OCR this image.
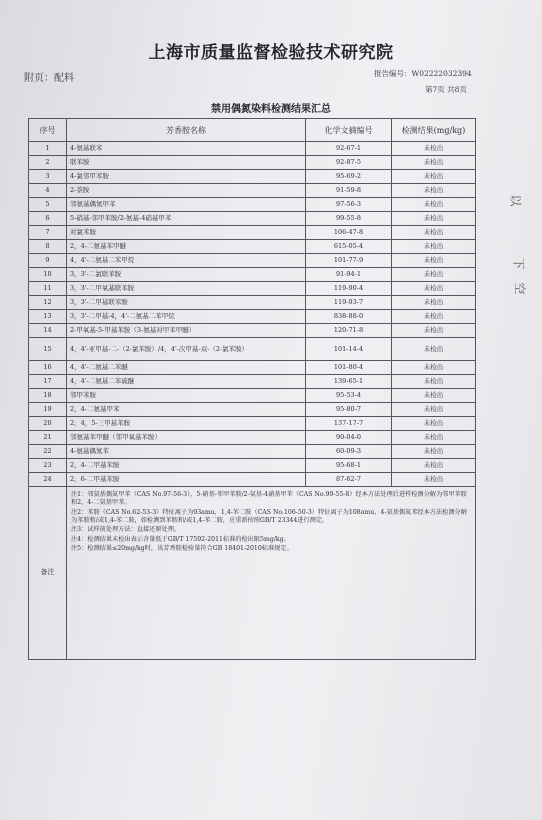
上海市质量监督检验技术研究院
附页：配料	报告编号：W02222032394
第7页 共8页
禁用偶氮染料检测结果汇总
序号	芳香胺名称	化学文摘编号	检测结果(mg/kg)
1	4-氨基联苯	92-67-1	未检出
2	联苯胺	92-87-5	未检出
3	4-氯邻甲苯胺	95-69-2	未检出
4	2-萘胺	91-59-8	未检出
5	邻氨基偶氮甲苯	97-56-3	未检出
6	5-硝基-邻甲苯胺/2-氨基-4硝基甲苯	99-55-8	未检出
7	对氯苯胺	106-47-8	未检出
8	2，4-二氨基苯甲醚	615-05-4	未检出
9	4，4'-二氨基二苯甲烷	101-77-9	未检出
10	3，3'-二氯联苯胺	91-94-1	未检出
11	3，3'-二甲氧基联苯胺	119-90-4	未检出
12	3，3'-二甲基联苯胺	119-93-7	未检出
13	3，3'-二甲基-4，4'-二氨基二苯甲烷	838-88-0	未检出
14	2-甲氧基-5-甲基苯胺（3-氨基对甲苯甲醚）	120-71-8	未检出
15	4，4'-亚甲基-二-（2-氯苯胺）/4，4'-次甲基-双-（2-氯苯胺）	101-14-4	未检出
16	4，4'-二氨基二苯醚	101-80-4	未检出
17	4，4'-二氨基二苯硫醚	139-65-1	未检出
18	邻甲苯胺	95-53-4	未检出
19	2，4-二氨基甲苯	95-80-7	未检出
20	2，4，5-三甲基苯胺	137-17-7	未检出
21	邻氨基苯甲醚（邻甲氧基苯胺）	90-04-0	未检出
22	4-氨基偶氮苯	60-09-3	未检出
23	2，4-二甲基苯胺	95-68-1	未检出
24	2，6-二甲基苯胺	87-62-7	未检出
备注	注1：邻氨基偶氮甲苯（CAS No.97-56-3）、5-硝基-邻甲苯胺/2-氨基-4硝基甲苯（CAS No.99-55-8）经本方法处理后进样检测分解为邻甲苯胺和2，4-二氨基甲苯。
注2：苯胺（CAS No.62-53-3）特征离子为93amu，1,4-苯二胺（CAS No.106-50-3）特征离子为108amu，4-氨基偶氮苯经本方法检测分解为苯胺和/或1,4-苯二胺，如检测到苯胺和/或1,4-苯二胺，应重新按照GB/T 23344进行测定。
注3：试样前处理方法：直接还原处理。
注4：检测结果未检出表示含量低于GB/T 17592-2011标准的检出限5mg/kg。
注5：检测结果≤20mg/kg时，该芳香胺检验量符合GB 18401-2010标准规定。		
以
下
空
